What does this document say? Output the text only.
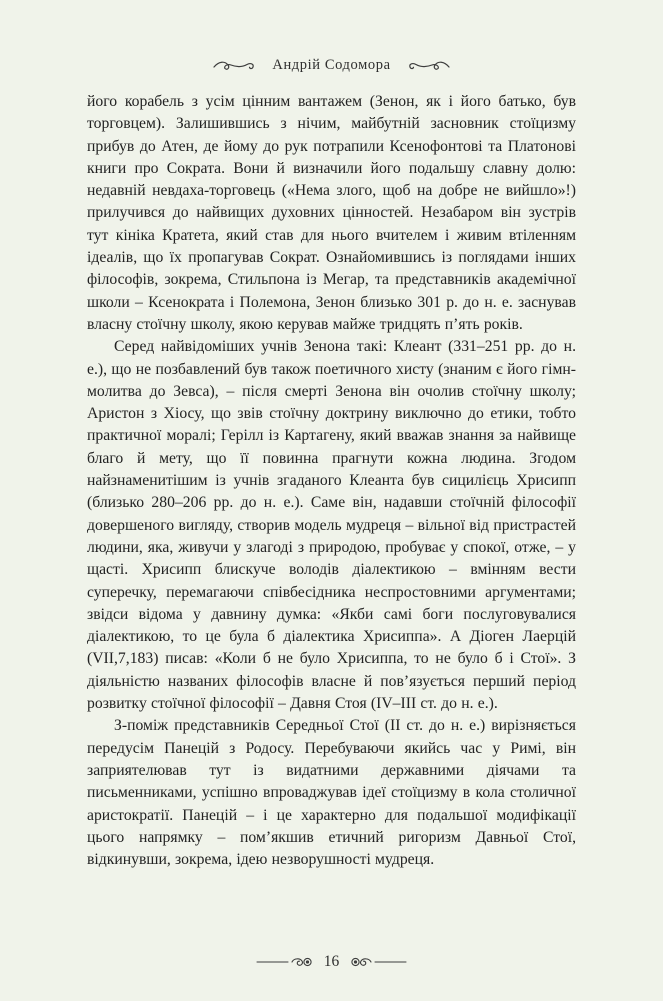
Андрій Содомора

його корабель з усім цінним вантажем (Зенон, як і його батько, був торговцем). Залишившись з нічим, майбутній засновник стоїцизму прибув до Атен, де йому до рук потрапили Ксенофонтові та Платонові книги про Сократа. Вони й визначили його подальшу славну долю: недавній невдаха-торговець («Нема злого, щоб на добре не вийшло»!) прилучився до найвищих духовних цінностей. Незабаром він зустрів тут кініка Кратета, який став для нього вчителем і живим втіленням ідеалів, що їх пропагував Сократ. Ознайомившись із поглядами інших філософів, зокрема, Стильпона із Мегар, та представників академічної школи – Ксенократа і Полемона, Зенон близько 301 р. до н. е. заснував власну стоїчну школу, якою керував майже тридцять п’ять років.

Серед найвідоміших учнів Зенона такі: Клеант (331–251 рр. до н. е.), що не позбавлений був також поетичного хисту (знаним є його гімн-молитва до Зевса), – після смерті Зенона він очолив стоїчну школу; Аристон з Хіосу, що звів стоїчну доктрину виключно до етики, тобто практичної моралі; Герілл із Картагену, який вважав знання за найвище благо й мету, що її повинна прагнути кожна людина. Згодом найзнаменитішим із учнів згаданого Клеанта був сицилієць Хрисипп (близько 280–206 рр. до н. е.). Саме він, надавши стоїчній філософії довершеного вигляду, створив модель мудреця – вільної від пристрастей людини, яка, живучи у злагоді з природою, пробуває у спокої, отже, – у щасті. Хрисипп блискуче володів діалектикою – вмінням вести суперечку, перемагаючи співбесідника неспростовними аргументами; звідси відома у давнину думка: «Якби самі боги послуговувалися діалектикою, то це була б діалектика Хрисиппа». А Діоген Лаерцій (VII,7,183) писав: «Коли б не було Хрисиппа, то не було б і Стої». З діяльністю названих філософів власне й пов’язується перший період розвитку стоїчної філософії – Давня Стоя (IV–III ст. до н. е.).

З-поміж представників Середньої Стої (II ст. до н. е.) вирізняється передусім Панецій з Родосу. Перебуваючи якийсь час у Римі, він заприятелював тут із видатними державними діячами та письменниками, успішно впроваджував ідеї стоїцизму в кола столичної аристократії. Панецій – і це характерно для подальшої модифікації цього напрямку – пом’якшив етичний ригоризм Давньої Стої, відкинувши, зокрема, ідею незворушності мудреця.

16
